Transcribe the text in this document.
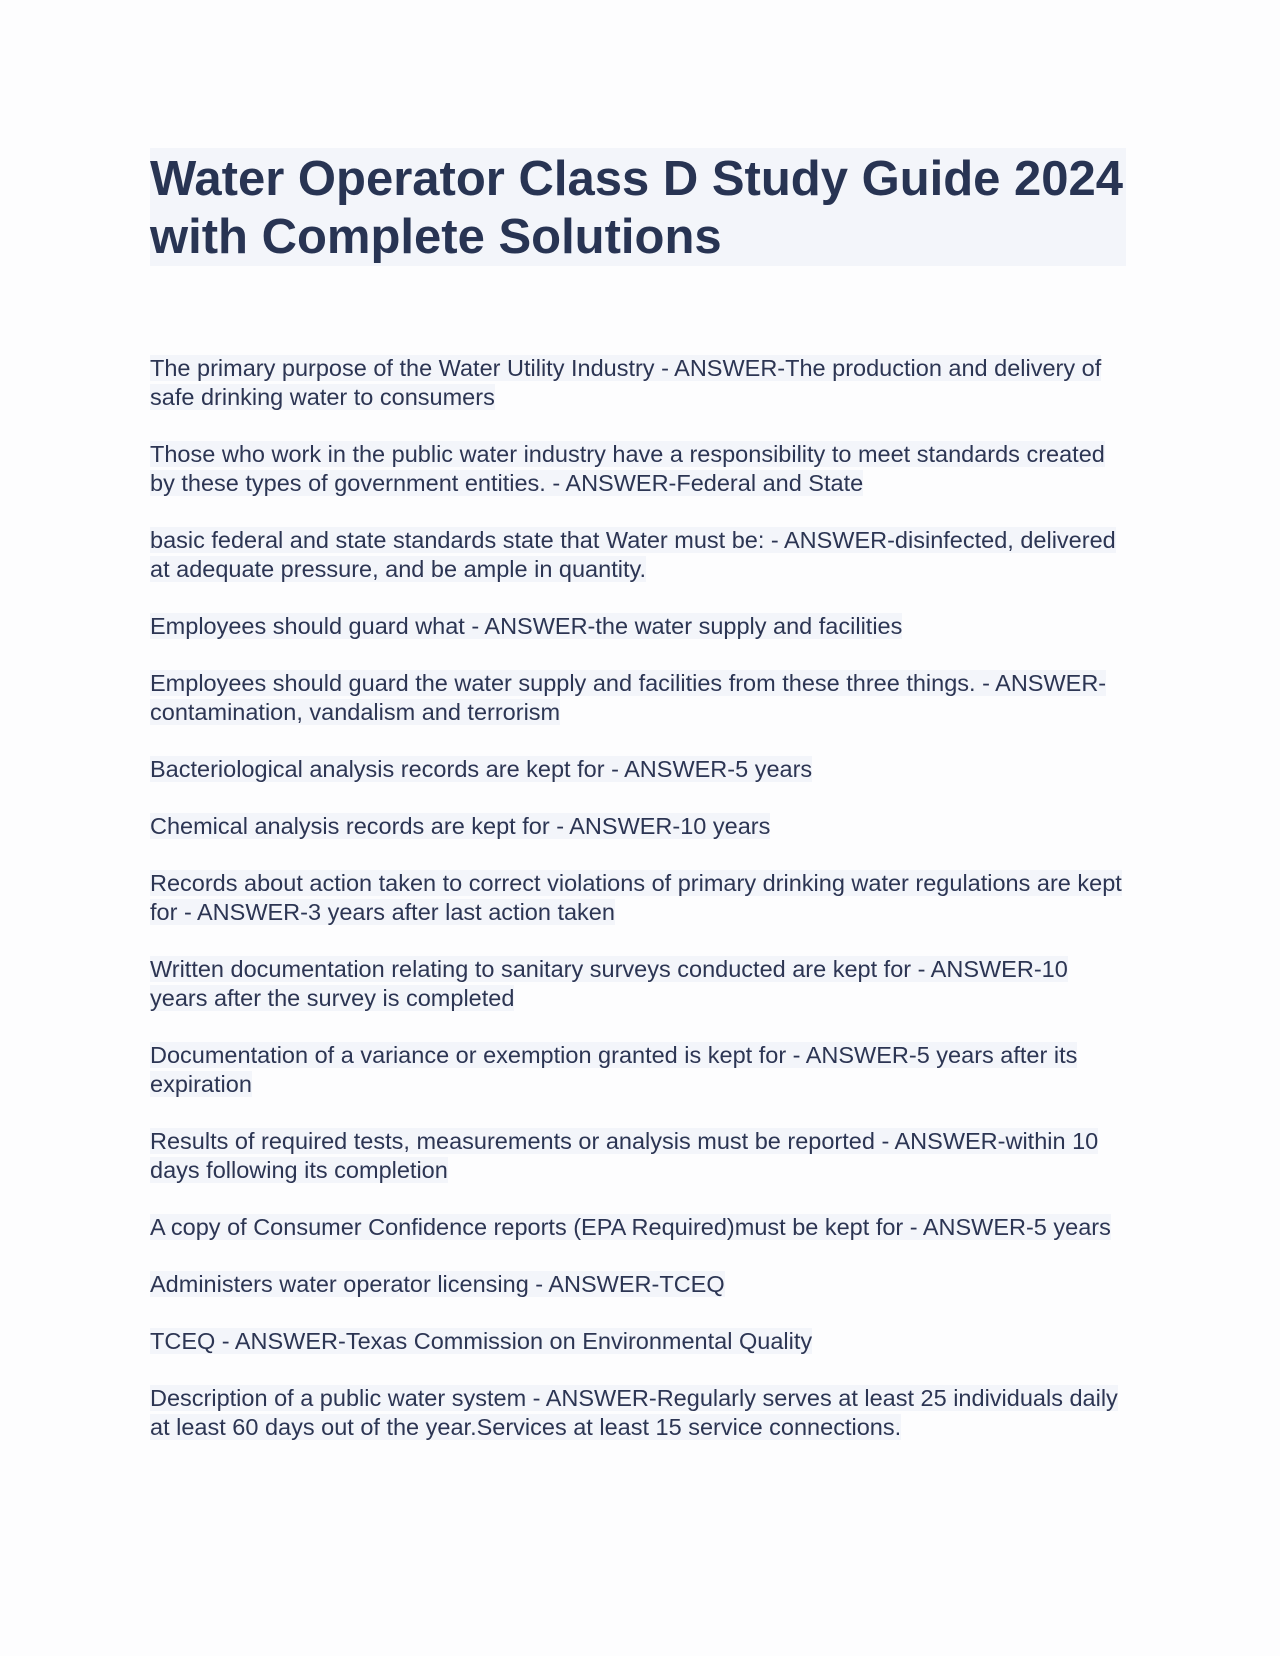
Water Operator Class D Study Guide 2024 with Complete Solutions

The primary purpose of the Water Utility Industry - ANSWER-The production and delivery of safe drinking water to consumers

Those who work in the public water industry have a responsibility to meet standards created by these types of government entities. - ANSWER-Federal and State

basic federal and state standards state that Water must be: - ANSWER-disinfected, delivered at adequate pressure, and be ample in quantity.

Employees should guard what - ANSWER-the water supply and facilities

Employees should guard the water supply and facilities from these three things. - ANSWER-contamination, vandalism and terrorism

Bacteriological analysis records are kept for - ANSWER-5 years

Chemical analysis records are kept for - ANSWER-10 years

Records about action taken to correct violations of primary drinking water regulations are kept for - ANSWER-3 years after last action taken

Written documentation relating to sanitary surveys conducted are kept for - ANSWER-10 years after the survey is completed

Documentation of a variance or exemption granted is kept for - ANSWER-5 years after its expiration

Results of required tests, measurements or analysis must be reported - ANSWER-within 10 days following its completion

A copy of Consumer Confidence reports (EPA Required)must be kept for - ANSWER-5 years

Administers water operator licensing - ANSWER-TCEQ

TCEQ - ANSWER-Texas Commission on Environmental Quality

Description of a public water system - ANSWER-Regularly serves at least 25 individuals daily at least 60 days out of the year.Services at least 15 service connections.
